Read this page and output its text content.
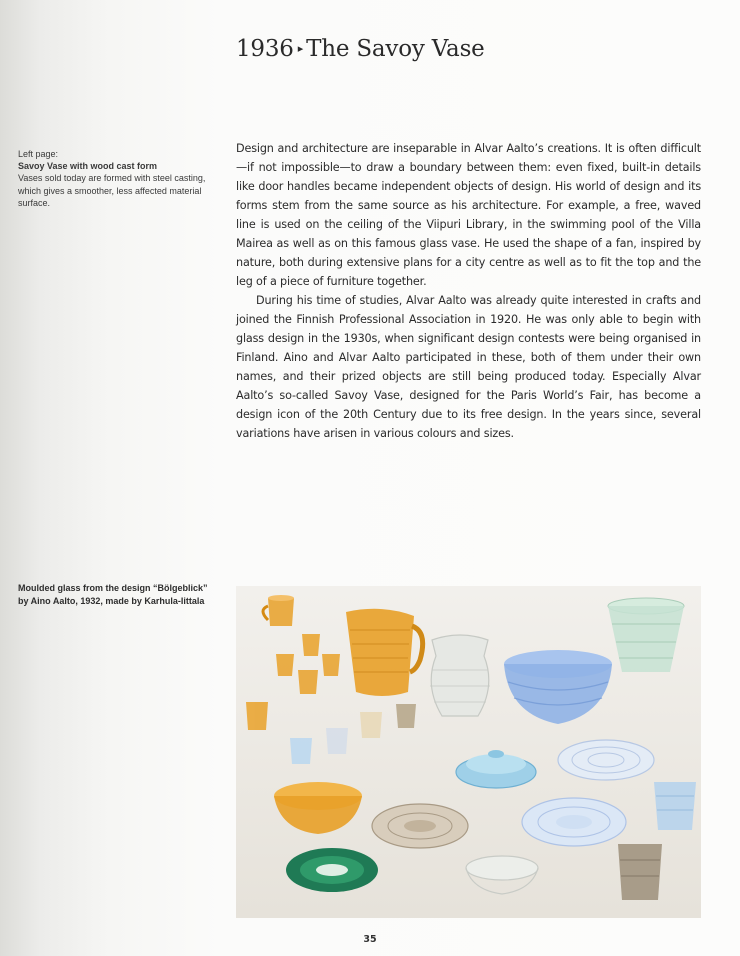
1936 ▸ The Savoy Vase
Left page:
Savoy Vase with wood cast form
Vases sold today are formed with steel casting,
which gives a smoother, less affected material
surface.

Design and architecture are inseparable in Alvar Aalto’s creations. It is often difficult—if not impossible—to draw a boundary between them: even fixed, built-in details like door handles became independent objects of design. His world of design and its forms stem from the same source as his architecture. For example, a free, waved line is used on the ceiling of the Viipuri Library, in the swimming pool of the Villa Mairea as well as on this famous glass vase. He used the shape of a fan, inspired by nature, both during extensive plans for a city centre as well as to fit the top and the leg of a piece of furniture together.

During his time of studies, Alvar Aalto was already quite interested in crafts and joined the Finnish Professional Association in 1920. He was only able to begin with glass design in the 1930s, when significant design contests were being organised in Finland. Aino and Alvar Aalto participated in these, both of them under their own names, and their prized objects are still being produced today. Especially Alvar Aalto’s so-called Savoy Vase, designed for the Paris World’s Fair, has become a design icon of the 20th Century due to its free design. In the years since, several variations have arisen in various colours and sizes.

Moulded glass from the design “Bölgeblick”
by Aino Aalto, 1932, made by Karhula-Iittala
35
